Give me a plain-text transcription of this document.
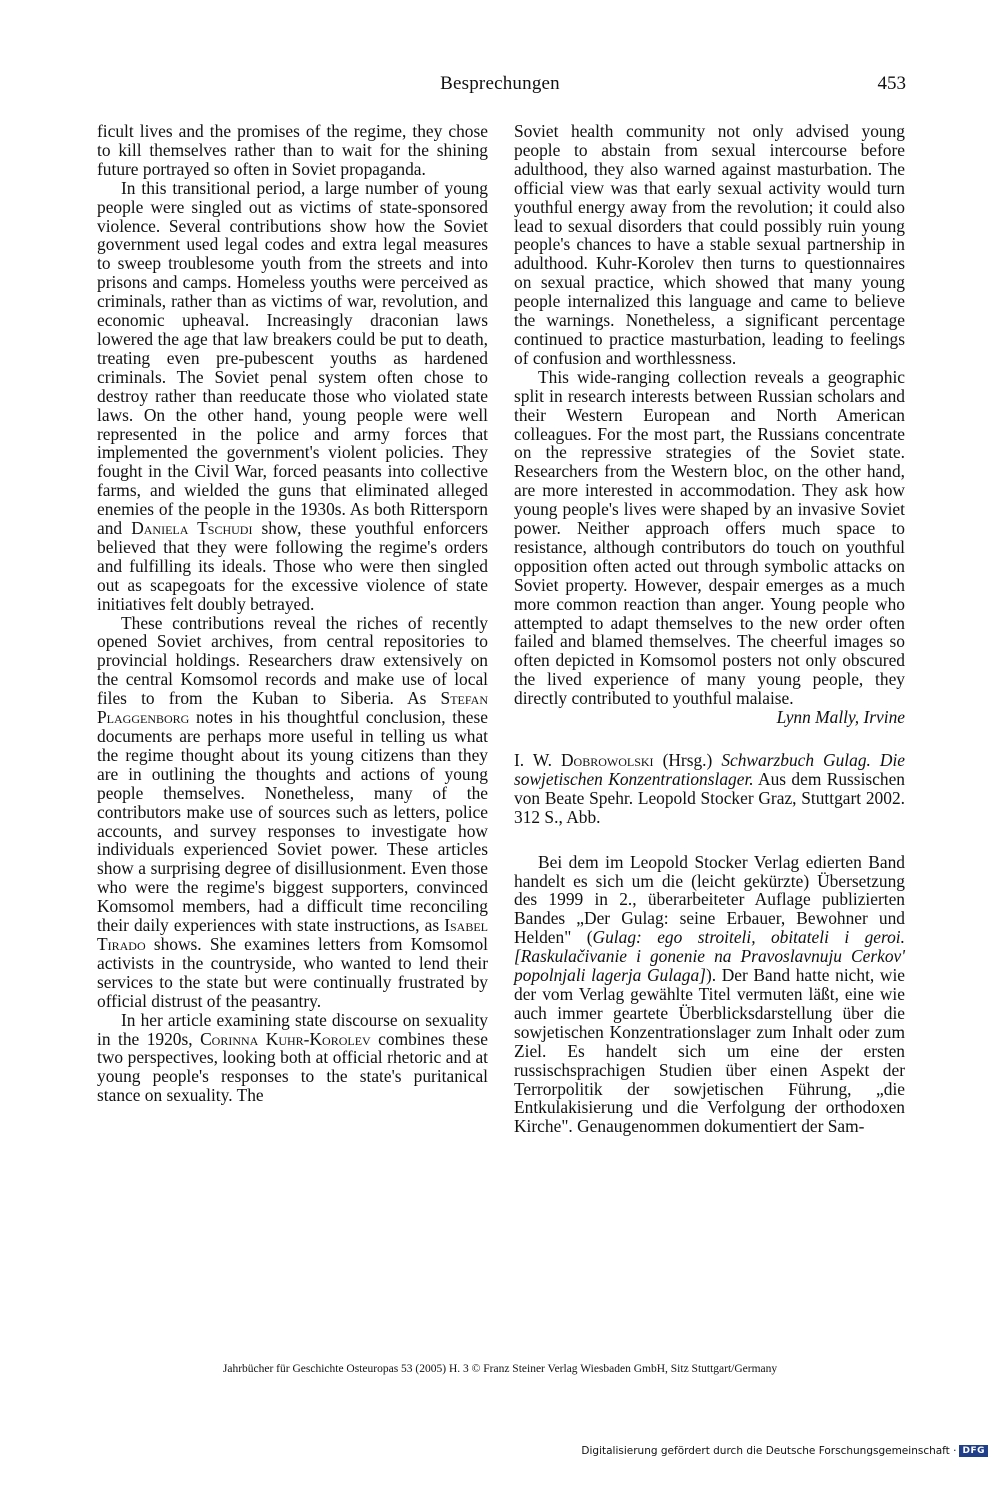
Besprechungen	453

ficult lives and the promises of the regime, they chose to kill themselves rather than to wait for the shining future portrayed so often in Soviet propaganda.

In this transitional period, a large number of young people were singled out as victims of state-sponsored violence. Several contributions show how the Soviet government used legal codes and extra legal measures to sweep troublesome youth from the streets and into prisons and camps. Homeless youths were perceived as criminals, rather than as victims of war, revolution, and economic upheaval. Increasingly draconian laws lowered the age that law breakers could be put to death, treating even pre-pubescent youths as hardened criminals. The Soviet penal system often chose to destroy rather than reeducate those who violated state laws. On the other hand, young people were well represented in the police and army forces that implemented the government's violent policies. They fought in the Civil War, forced peasants into collective farms, and wielded the guns that eliminated alleged enemies of the people in the 1930s. As both Rittersporn and Daniela Tschudi show, these youthful enforcers believed that they were following the regime's orders and fulfilling its ideals. Those who were then singled out as scapegoats for the excessive violence of state initiatives felt doubly betrayed.

These contributions reveal the riches of recently opened Soviet archives, from central repositories to provincial holdings. Researchers draw extensively on the central Komsomol records and make use of local files to from the Kuban to Siberia. As Stefan Plaggenborg notes in his thoughtful conclusion, these documents are perhaps more useful in telling us what the regime thought about its young citizens than they are in outlining the thoughts and actions of young people themselves. Nonetheless, many of the contributors make use of sources such as letters, police accounts, and survey responses to investigate how individuals experienced Soviet power. These articles show a surprising degree of disillusionment. Even those who were the regime's biggest supporters, convinced Komsomol members, had a difficult time reconciling their daily experiences with state instructions, as Isabel Tirado shows. She examines letters from Komsomol activists in the countryside, who wanted to lend their services to the state but were continually frustrated by official distrust of the peasantry.

In her article examining state discourse on sexuality in the 1920s, Corinna Kuhr-Korolev combines these two perspectives, looking both at official rhetoric and at young people's responses to the state's puritanical stance on sexuality. The

Soviet health community not only advised young people to abstain from sexual intercourse before adulthood, they also warned against masturbation. The official view was that early sexual activity would turn youthful energy away from the revolution; it could also lead to sexual disorders that could possibly ruin young people's chances to have a stable sexual partnership in adulthood. Kuhr-Korolev then turns to questionnaires on sexual practice, which showed that many young people internalized this language and came to believe the warnings. Nonetheless, a significant percentage continued to practice masturbation, leading to feelings of confusion and worthlessness.

This wide-ranging collection reveals a geographic split in research interests between Russian scholars and their Western European and North American colleagues. For the most part, the Russians concentrate on the repressive strategies of the Soviet state. Researchers from the Western bloc, on the other hand, are more interested in accommodation. They ask how young people's lives were shaped by an invasive Soviet power. Neither approach offers much space to resistance, although contributors do touch on youthful opposition often acted out through symbolic attacks on Soviet property. However, despair emerges as a much more common reaction than anger. Young people who attempted to adapt themselves to the new order often failed and blamed themselves. The cheerful images so often depicted in Komsomol posters not only obscured the lived experience of many young people, they directly contributed to youthful malaise.

Lynn Mally, Irvine

I. W. Dobrowolski (Hrsg.) Schwarzbuch Gulag. Die sowjetischen Konzentrationslager. Aus dem Russischen von Beate Spehr. Leopold Stocker Graz, Stuttgart 2002. 312 S., Abb.

Bei dem im Leopold Stocker Verlag edierten Band handelt es sich um die (leicht gekürzte) Übersetzung des 1999 in 2., überarbeiteter Auflage publizierten Bandes „Der Gulag: seine Erbauer, Bewohner und Helden" (Gulag: ego stroiteli, obitateli i geroi. [Raskulačivanie i gonenie na Pravoslavnuju Cerkov' popolnjali lagerja Gulaga]). Der Band hatte nicht, wie der vom Verlag gewählte Titel vermuten läßt, eine wie auch immer geartete Überblicksdarstellung über die sowjetischen Konzentrationslager zum Inhalt oder zum Ziel. Es handelt sich um eine der ersten russischsprachigen Studien über einen Aspekt der Terrorpolitik der sowjetischen Führung, „die Entkulakisierung und die Verfolgung der orthodoxen Kirche". Genaugenommen dokumentiert der Sam-

Jahrbücher für Geschichte Osteuropas 53 (2005) H. 3 © Franz Steiner Verlag Wiesbaden GmbH, Sitz Stuttgart/Germany
Digitalisierung gefördert durch die Deutsche Forschungsgemeinschaft · DFG
